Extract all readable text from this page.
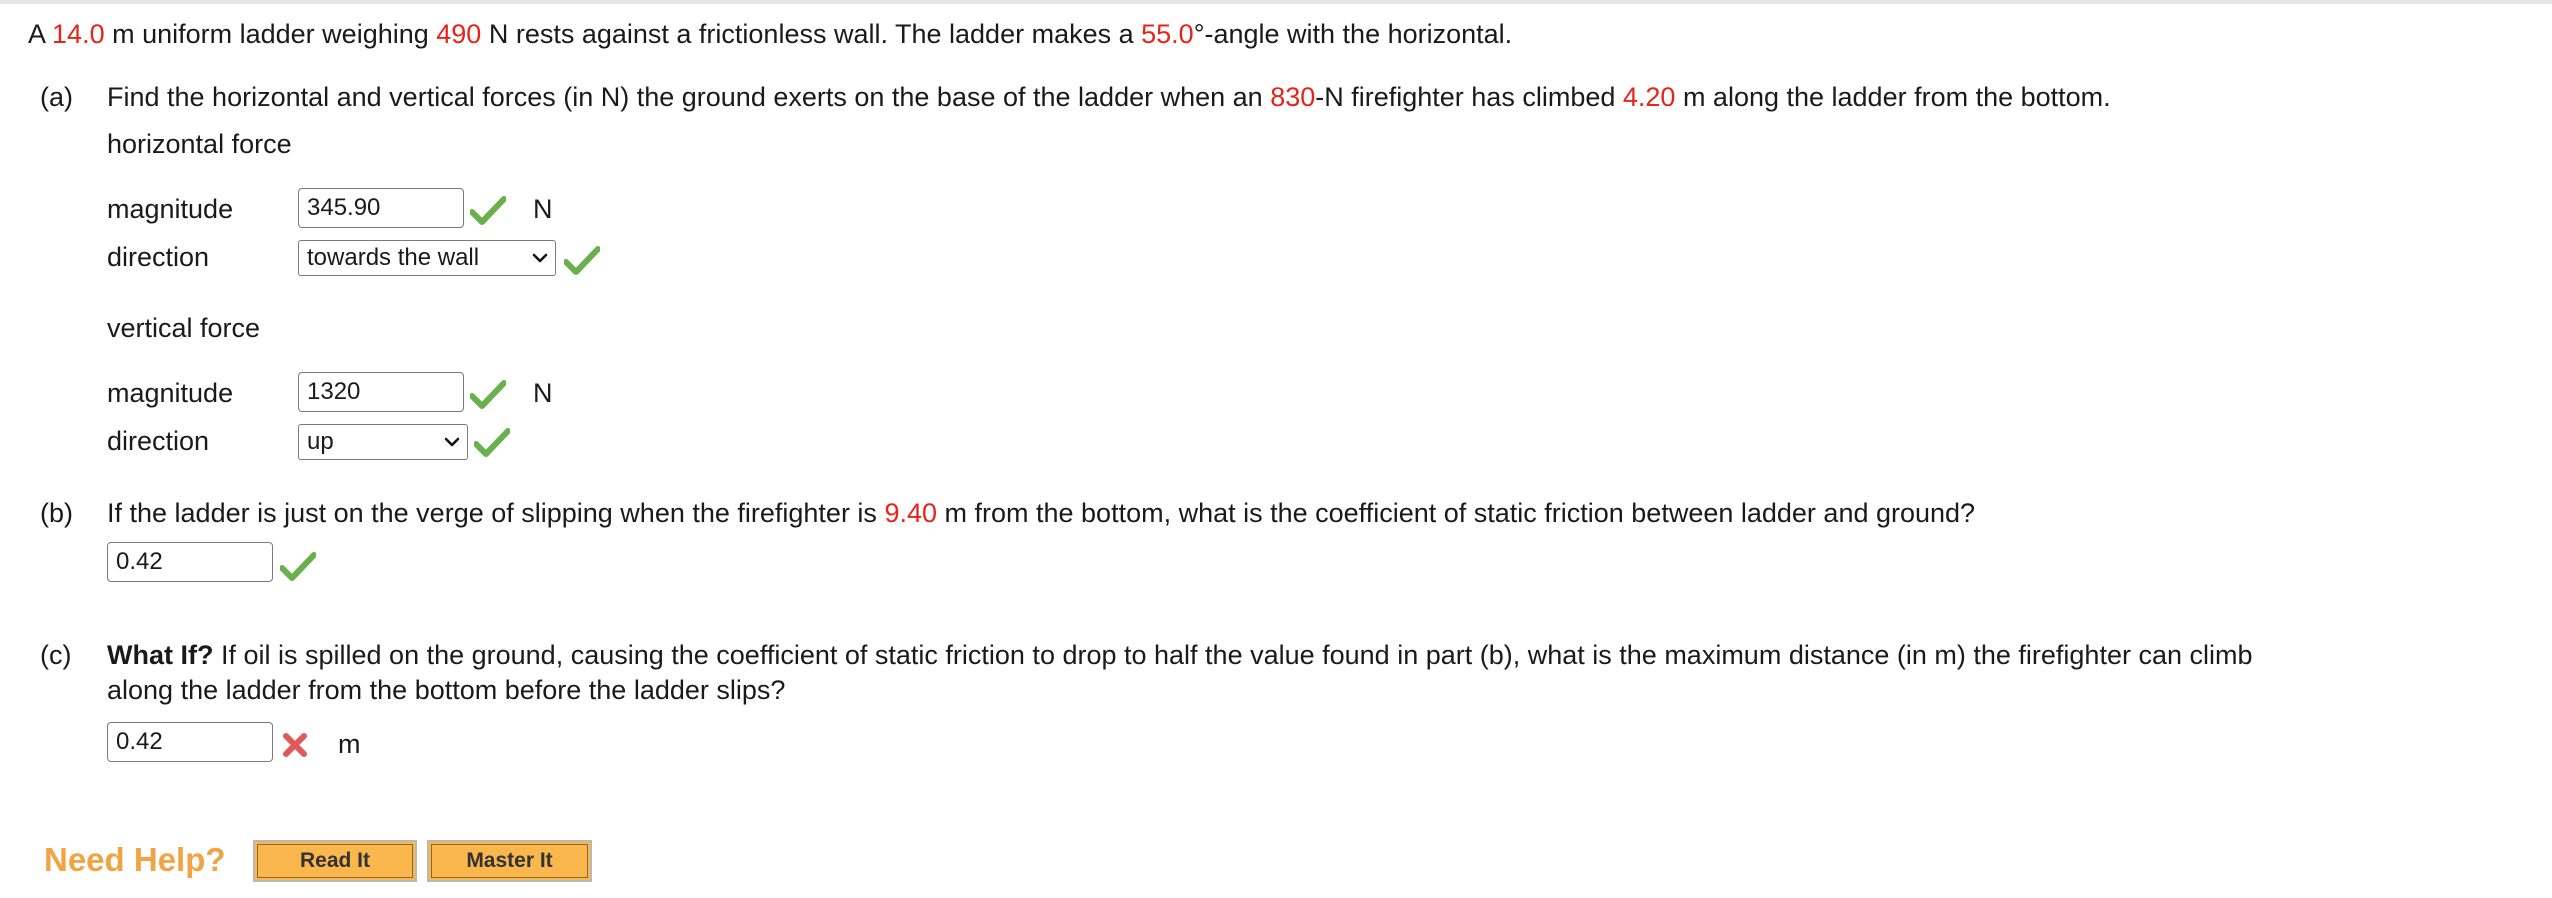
A 14.0 m uniform ladder weighing 490 N rests against a frictionless wall. The ladder makes a 55.0°-angle with the horizontal.
(a) Find the horizontal and vertical forces (in N) the ground exerts on the base of the ladder when an 830-N firefighter has climbed 4.20 m along the ladder from the bottom.
horizontal force
magnitude	345.90	N
direction	towards the wall
vertical force
magnitude	1320	N
direction	up
(b) If the ladder is just on the verge of slipping when the firefighter is 9.40 m from the bottom, what is the coefficient of static friction between ladder and ground?
0.42
(c) What If? If oil is spilled on the ground, causing the coefficient of static friction to drop to half the value found in part (b), what is the maximum distance (in m) the firefighter can climb
along the ladder from the bottom before the ladder slips?
0.42	m
Need Help?	Read It	Master It
